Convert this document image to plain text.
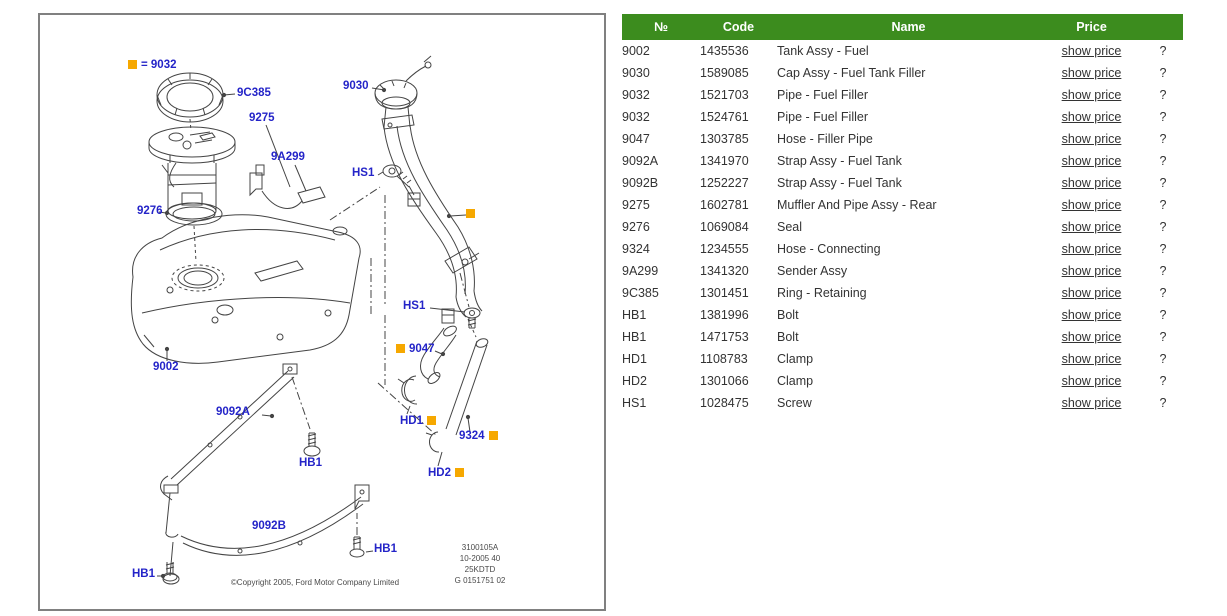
= 9032
9C385
9030
9275
9A299
HS1
9276
9002
9092A
HB1
HS1
9047
HD1
9324
HD2
9092B
HB1
HB1
3100105A
10-2005 40
25KDTD
G 0151751 02
©Copyright 2005, Ford Motor Company Limited
№	Code	Name	Price	
9002	1435536	Tank Assy - Fuel	show price	?
9030	1589085	Cap Assy - Fuel Tank Filler	show price	?
9032	1521703	Pipe - Fuel Filler	show price	?
9032	1524761	Pipe - Fuel Filler	show price	?
9047	1303785	Hose - Filler Pipe	show price	?
9092A	1341970	Strap Assy - Fuel Tank	show price	?
9092B	1252227	Strap Assy - Fuel Tank	show price	?
9275	1602781	Muffler And Pipe Assy - Rear	show price	?
9276	1069084	Seal	show price	?
9324	1234555	Hose - Connecting	show price	?
9A299	1341320	Sender Assy	show price	?
9C385	1301451	Ring - Retaining	show price	?
HB1	1381996	Bolt	show price	?
HB1	1471753	Bolt	show price	?
HD1	1108783	Clamp	show price	?
HD2	1301066	Clamp	show price	?
HS1	1028475	Screw	show price	?
